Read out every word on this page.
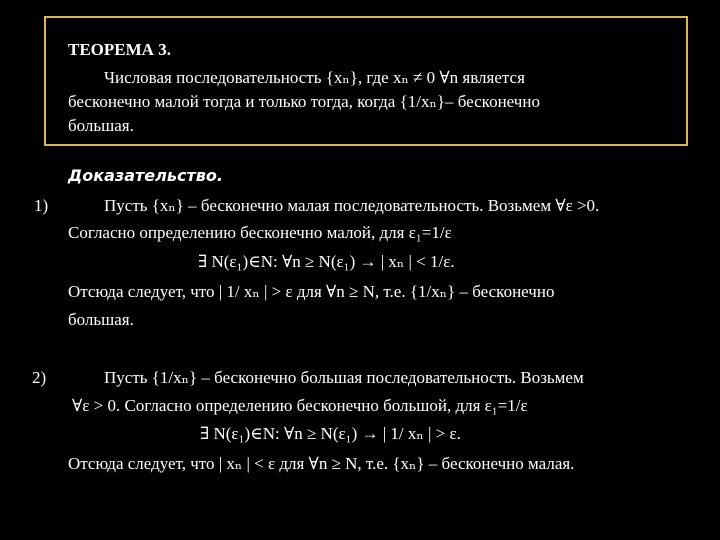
ТЕОРЕМА 3.
Числовая последовательность {xₙ}, где xₙ ≠ 0 ∀n является
бесконечно малой тогда и только тогда, когда {1/xₙ}– бесконечно
большая.
Доказательство.
1)	Пусть {xₙ} – бесконечно малая последовательность. Возьмем ∀ε >0.
Согласно определению бесконечно малой, для ε₁=1/ε
∃ N(ε₁)∈N: ∀n ≥ N(ε₁) → | xₙ | < 1/ε.
Отсюда следует, что | 1/ xₙ | > ε для ∀n ≥ N, т.е. {1/xₙ} – бесконечно
большая.
2)	Пусть {1/xₙ} – бесконечно большая последовательность. Возьмем
∀ε > 0. Согласно определению бесконечно большой, для ε₁=1/ε
∃ N(ε₁)∈N: ∀n ≥ N(ε₁) → | 1/ xₙ | > ε.
Отсюда следует, что | xₙ | < ε для ∀n ≥ N, т.е. {xₙ} – бесконечно малая.
